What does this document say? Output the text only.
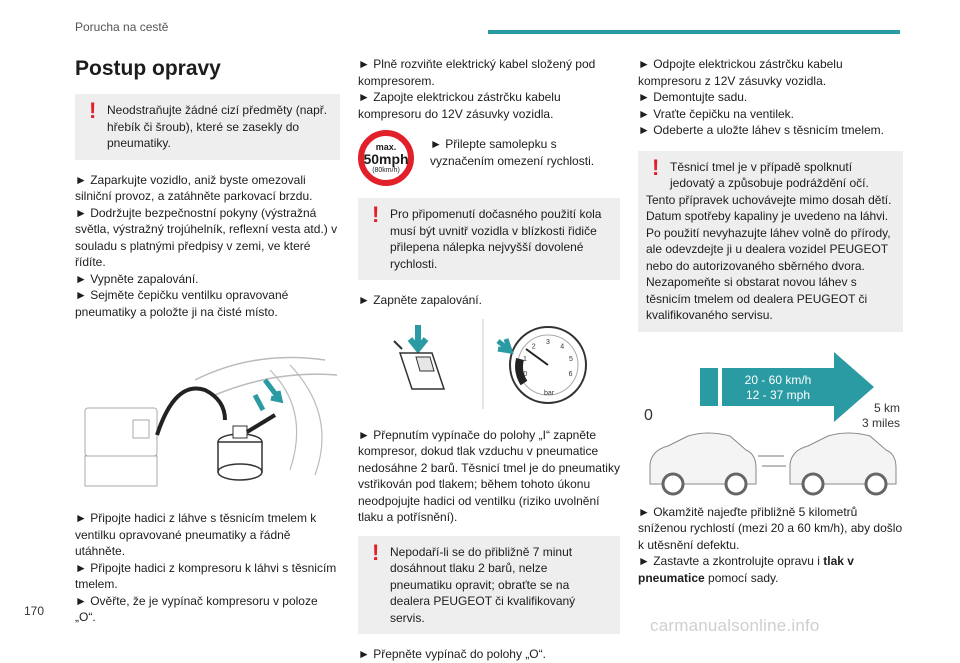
Porucha na cestě
Postup opravy
! Neodstraňujte žádné cizí předměty (např. hřebík či šroub), které se zasekly do pneumatiky.

► Zaparkujte vozidlo, aniž byste omezovali silniční provoz, a zatáhněte parkovací brzdu.

► Dodržujte bezpečnostní pokyny (výstražná světla, výstražný trojúhelník, reflexní vesta atd.) v souladu s platnými předpisy v zemi, ve které řídíte.

► Vypněte zapalování.

► Sejměte čepičku ventilku opravované pneumatiky a položte ji na čisté místo.

► Připojte hadici z láhve s těsnicím tmelem k ventilku opravované pneumatiky a řádně utáhněte.

► Připojte hadici z kompresoru k láhvi s těsnicím tmelem.

► Ověřte, že je vypínač kompresoru v poloze „O“.

► Plně rozviňte elektrický kabel složený pod kompresorem.

► Zapojte elektrickou zástrčku kabelu kompresoru do 12V zásuvky vozidla.

max.
50mph
(80km/h)

► Přilepte samolepku s vyznačením omezení rychlosti.

! Pro připomenutí dočasného použití kola musí být uvnitř vozidla v blízkosti řidiče přilepena nálepka nejvyšší dovolené rychlosti.

► Zapněte zapalování.

0
1
2
3
4
5
6
bar

► Přepnutím vypínače do polohy „I“ zapněte kompresor, dokud tlak vzduchu v pneumatice nedosáhne 2 barů. Těsnicí tmel je do pneumatiky vstřikován pod tlakem; během tohoto úkonu neodpojujte hadici od ventilku (riziko uvolnění tlaku a potřísnění).

! Nepodaří-li se do přibližně 7 minut dosáhnout tlaku 2 barů, nelze pneumatiku opravit; obraťte se na dealera PEUGEOT či kvalifikovaný servis.

► Přepněte vypínač do polohy „O“.

► Odpojte elektrickou zástrčku kabelu kompresoru z 12V zásuvky vozidla.

► Demontujte sadu.

► Vraťte čepičku na ventilek.

► Odeberte a uložte láhev s těsnicím tmelem.

! Těsnicí tmel je v případě spolknutí jedovatý a způsobuje podráždění očí.

Tento přípravek uchovávejte mimo dosah dětí.

Datum spotřeby kapaliny je uvedeno na láhvi. Po použití nevyhazujte láhev volně do přírody, ale odevzdejte ji u dealera vozidel PEUGEOT nebo do autorizovaného sběrného dvora.

Nezapomeňte si obstarat novou láhev s těsnicím tmelem od dealera PEUGEOT či kvalifikovaného servisu.

20 - 60 km/h
12 - 37 mph
0	5 km
3 miles

► Okamžitě najeďte přibližně 5 kilometrů sníženou rychlostí (mezi 20 a 60 km/h), aby došlo k utěsnění defektu.

► Zastavte a zkontrolujte opravu i tlak v pneumatice pomocí sady.

170
carmanualsonline.info
